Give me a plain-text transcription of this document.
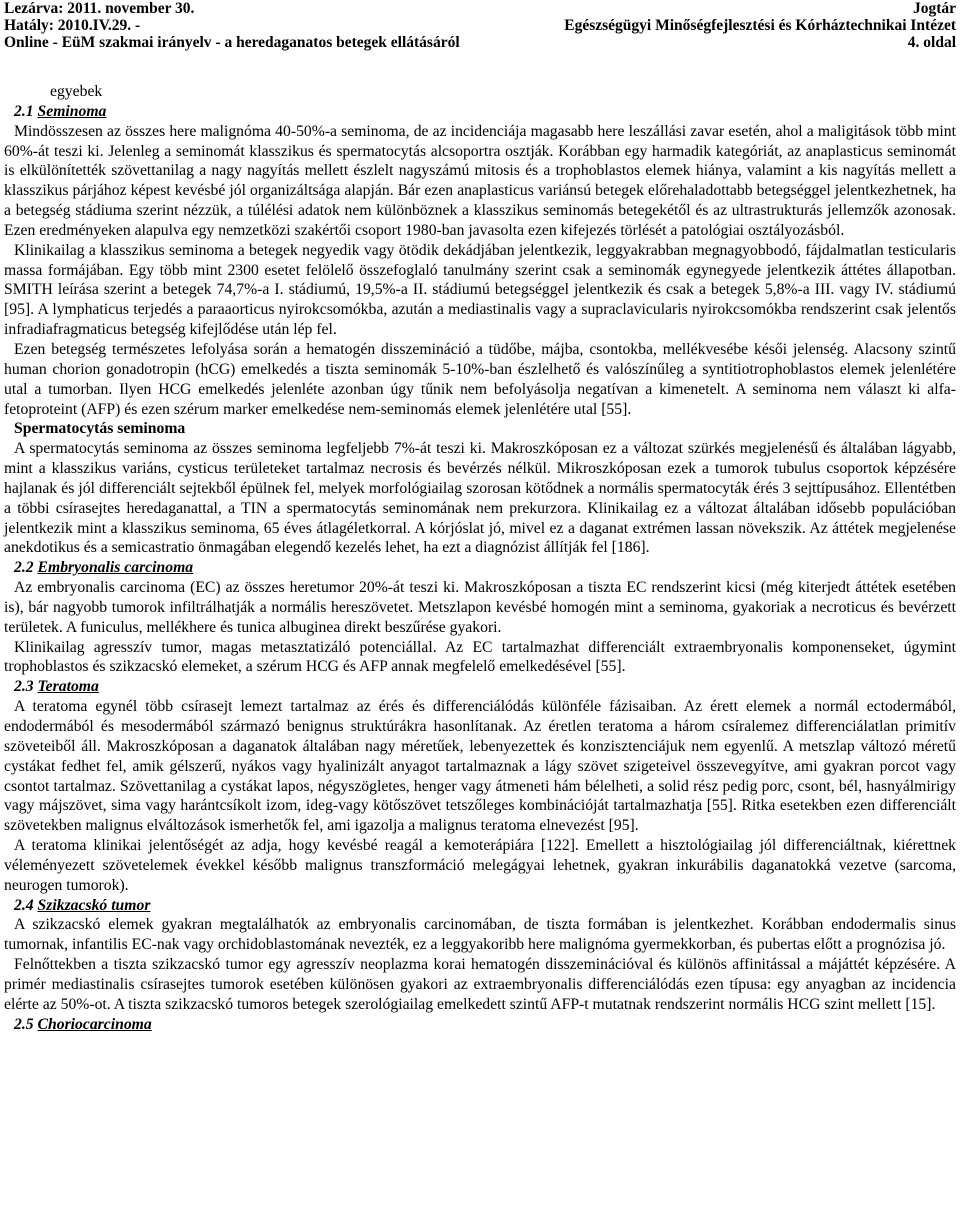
Lezárva: 2011. november 30.	Jogtár
Hatály: 2010.IV.29. -	Egészségügyi Minőségfejlesztési és Kórháztechnikai Intézet
Online - EüM szakmai irányelv - a heredaganatos betegek ellátásáról	4. oldal

egyebek

2.1 Seminoma

Mindösszesen az összes here malignóma 40-50%-a seminoma, de az incidenciája magasabb here leszállási zavar esetén, ahol a maligitások több mint 60%-át teszi ki. Jelenleg a seminomát klasszikus és spermatocytás alcsoportra osztják. Korábban egy harmadik kategóriát, az anaplasticus seminomát is elkülönítették szövettanilag a nagy nagyítás mellett észlelt nagyszámú mitosis és a trophoblastos elemek hiánya, valamint a kis nagyítás mellett a klasszikus párjához képest kevésbé jól organizáltsága alapján. Bár ezen anaplasticus variánsú betegek előrehaladottabb betegséggel jelentkezhetnek, ha a betegség stádiuma szerint nézzük, a túlélési adatok nem különböznek a klasszikus seminomás betegekétől és az ultrastrukturás jellemzők azonosak. Ezen eredményeken alapulva egy nemzetközi szakértői csoport 1980-ban javasolta ezen kifejezés törlését a patológiai osztályozásból.

Klinikailag a klasszikus seminoma a betegek negyedik vagy ötödik dekádjában jelentkezik, leggyakrabban megnagyobbodó, fájdalmatlan testicularis massa formájában. Egy több mint 2300 esetet felölelő összefoglaló tanulmány szerint csak a seminomák egynegyede jelentkezik áttétes állapotban. SMITH leírása szerint a betegek 74,7%-a I. stádiumú, 19,5%-a II. stádiumú betegséggel jelentkezik és csak a betegek 5,8%-a III. vagy IV. stádiumú [95]. A lymphaticus terjedés a paraaorticus nyirokcsomókba, azután a mediastinalis vagy a supraclavicularis nyirokcsomókba rendszerint csak jelentős infradiafragmaticus betegség kifejlődése után lép fel.

Ezen betegség természetes lefolyása során a hematogén disszemináció a tüdőbe, májba, csontokba, mellékvesébe késői jelenség. Alacsony szintű human chorion gonadotropin (hCG) emelkedés a tiszta seminomák 5-10%-ban észlelhető és valószínűleg a syntitiotrophoblastos elemek jelenlétére utal a tumorban. Ilyen HCG emelkedés jelenléte azonban úgy tűnik nem befolyásolja negatívan a kimenetelt. A seminoma nem választ ki alfa-fetoproteint (AFP) és ezen szérum marker emelkedése nem-seminomás elemek jelenlétére utal [55].

Spermatocytás seminoma

A spermatocytás seminoma az összes seminoma legfeljebb 7%-át teszi ki. Makroszkóposan ez a változat szürkés megjelenésű és általában lágyabb, mint a klasszikus variáns, cysticus területeket tartalmaz necrosis és bevérzés nélkül. Mikroszkóposan ezek a tumorok tubulus csoportok képzésére hajlanak és jól differenciált sejtekből épülnek fel, melyek morfológiailag szorosan kötődnek a normális spermatocyták érés 3 sejttípusához. Ellentétben a többi csírasejtes heredaganattal, a TIN a spermatocytás seminomának nem prekurzora. Klinikailag ez a változat általában idősebb populációban jelentkezik mint a klasszikus seminoma, 65 éves átlagéletkorral. A kórjóslat jó, mivel ez a daganat extrémen lassan növekszik. Az áttétek megjelenése anekdotikus és a semicastratio önmagában elegendő kezelés lehet, ha ezt a diagnózist állítják fel [186].

2.2 Embryonalis carcinoma

Az embryonalis carcinoma (EC) az összes heretumor 20%-át teszi ki. Makroszkóposan a tiszta EC rendszerint kicsi (még kiterjedt áttétek esetében is), bár nagyobb tumorok infiltrálhatják a normális hereszövetet. Metszlapon kevésbé homogén mint a seminoma, gyakoriak a necroticus és bevérzett területek. A funiculus, mellékhere és tunica albuginea direkt beszűrése gyakori.

Klinikailag agresszív tumor, magas metasztatizáló potenciállal. Az EC tartalmazhat differenciált extraembryonalis komponenseket, úgymint trophoblastos és szikzacskó elemeket, a szérum HCG és AFP annak megfelelő emelkedésével [55].

2.3 Teratoma

A teratoma egynél több csírasejt lemezt tartalmaz az érés és differenciálódás különféle fázisaiban. Az érett elemek a normál ectodermából, endodermából és mesodermából származó benignus struktúrákra hasonlítanak. Az éretlen teratoma a három csíralemez differenciálatlan primitív szöveteiből áll. Makroszkóposan a daganatok általában nagy méretűek, lebenyezettek és konzisztenciájuk nem egyenlű. A metszlap változó méretű cystákat fedhet fel, amik gélszerű, nyákos vagy hyalinizált anyagot tartalmaznak a lágy szövet szigeteivel összevegyítve, ami gyakran porcot vagy csontot tartalmaz. Szövettanilag a cystákat lapos, négyszögletes, henger vagy átmeneti hám bélelheti, a solid rész pedig porc, csont, bél, hasnyálmirigy vagy májszövet, sima vagy harántcsíkolt izom, ideg-vagy kötőszövet tetszőleges kombinációját tartalmazhatja [55]. Ritka esetekben ezen differenciált szövetekben malignus elváltozások ismerhetők fel, ami igazolja a malignus teratoma elnevezést [95].

A teratoma klinikai jelentőségét az adja, hogy kevésbé reagál a kemoterápiára [122]. Emellett a hisztológiailag jól differenciáltnak, kiérettnek véleményezett szövetelemek évekkel később malignus transzformáció melegágyai lehetnek, gyakran inkurábilis daganatokká vezetve (sarcoma, neurogen tumorok).

2.4 Szikzacskó tumor

A szikzacskó elemek gyakran megtalálhatók az embryonalis carcinomában, de tiszta formában is jelentkezhet. Korábban endodermalis sinus tumornak, infantilis EC-nak vagy orchidoblastomának nevezték, ez a leggyakoribb here malignóma gyermekkorban, és pubertas előtt a prognózisa jó.

Felnőttekben a tiszta szikzacskó tumor egy agresszív neoplazma korai hematogén disszeminációval és különös affinitással a májáttét képzésére. A primér mediastinalis csírasejtes tumorok esetében különösen gyakori az extraembryonalis differenciálódás ezen típusa: egy anyagban az incidencia elérte az 50%-ot. A tiszta szikzacskó tumoros betegek szerológiailag emelkedett szintű AFP-t mutatnak rendszerint normális HCG szint mellett [15].

2.5 Choriocarcinoma
